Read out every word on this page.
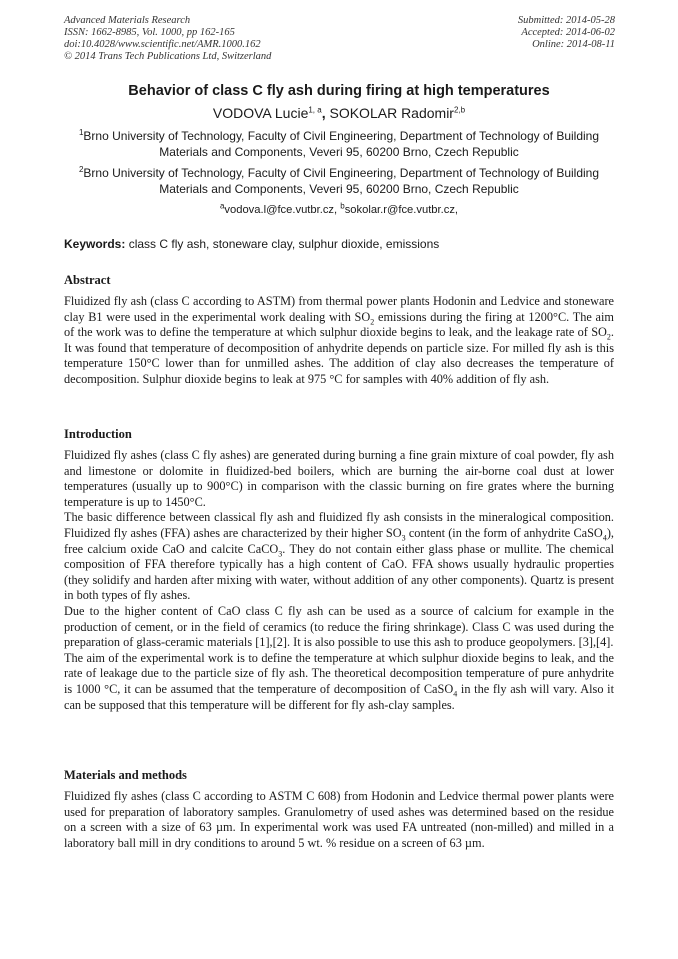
Advanced Materials Research
ISSN: 1662-8985, Vol. 1000, pp 162-165
doi:10.4028/www.scientific.net/AMR.1000.162
© 2014 Trans Tech Publications Ltd, Switzerland
Submitted: 2014-05-28
Accepted: 2014-06-02
Online: 2014-08-11
Behavior of class C fly ash during firing at high temperatures
VODOVA Lucie$^{1, a}$, SOKOLAR Radomir$^{2,b}$
$^1$Brno University of Technology, Faculty of Civil Engineering, Department of Technology of Building Materials and Components, Veveri 95, 60200 Brno, Czech Republic
$^2$Brno University of Technology, Faculty of Civil Engineering, Department of Technology of Building Materials and Components, Veveri 95, 60200 Brno, Czech Republic
$^a$vodova.l@fce.vutbr.cz, $^b$sokolar.r@fce.vutbr.cz,
Keywords: class C fly ash, stoneware clay, sulphur dioxide, emissions
Abstract

Fluidized fly ash (class C according to ASTM) from thermal power plants Hodonin and Ledvice and stoneware clay B1 were used in the experimental work dealing with $SO_2$ emissions during the firing at 1200°C. The aim of the work was to define the temperature at which sulphur dioxide begins to leak, and the leakage rate of $SO_2$. It was found that temperature of decomposition of anhydrite depends on particle size. For milled fly ash is this temperature 150°C lower than for unmilled ashes. The addition of clay also decreases the temperature of decomposition. Sulphur dioxide begins to leak at 975 °C for samples with 40% addition of fly ash.

Introduction

Fluidized fly ashes (class C fly ashes) are generated during burning a fine grain mixture of coal powder, fly ash and limestone or dolomite in fluidized-bed boilers, which are burning the air-borne coal dust at lower temperatures (usually up to 900°C) in comparison with the classic burning on fire grates where the burning temperature is up to 1450°C.

The basic difference between classical fly ash and fluidized fly ash consists in the mineralogical composition. Fluidized fly ashes (FFA) ashes are characterized by their higher $SO_3$ content (in the form of anhydrite CaSO$_4$), free calcium oxide CaO and calcite CaCO$_3$. They do not contain either glass phase or mullite. The chemical composition of FFA therefore typically has a high content of CaO. FFA shows usually hydraulic properties (they solidify and harden after mixing with water, without addition of any other components). Quartz is present in both types of fly ashes.

Due to the higher content of CaO class C fly ash can be used as a source of calcium for example in the production of cement, or in the field of ceramics (to reduce the firing shrinkage). Class C was used during the preparation of glass-ceramic materials [1],[2]. It is also possible to use this ash to produce geopolymers. [3],[4].

The aim of the experimental work is to define the temperature at which sulphur dioxide begins to leak, and the rate of leakage due to the particle size of fly ash. The theoretical decomposition temperature of pure anhydrite is 1000 °C, it can be assumed that the temperature of decomposition of CaSO$_4$ in the fly ash will vary. Also it can be supposed that this temperature will be different for fly ash-clay samples.

Materials and methods

Fluidized fly ashes (class C according to ASTM C 608) from Hodonin and Ledvice thermal power plants were used for preparation of laboratory samples. Granulometry of used ashes was determined based on the residue on a screen with a size of 63 µm. In experimental work was used FA untreated (non-milled) and milled in a laboratory ball mill in dry conditions to around 5 wt. % residue on a screen of 63 µm.
